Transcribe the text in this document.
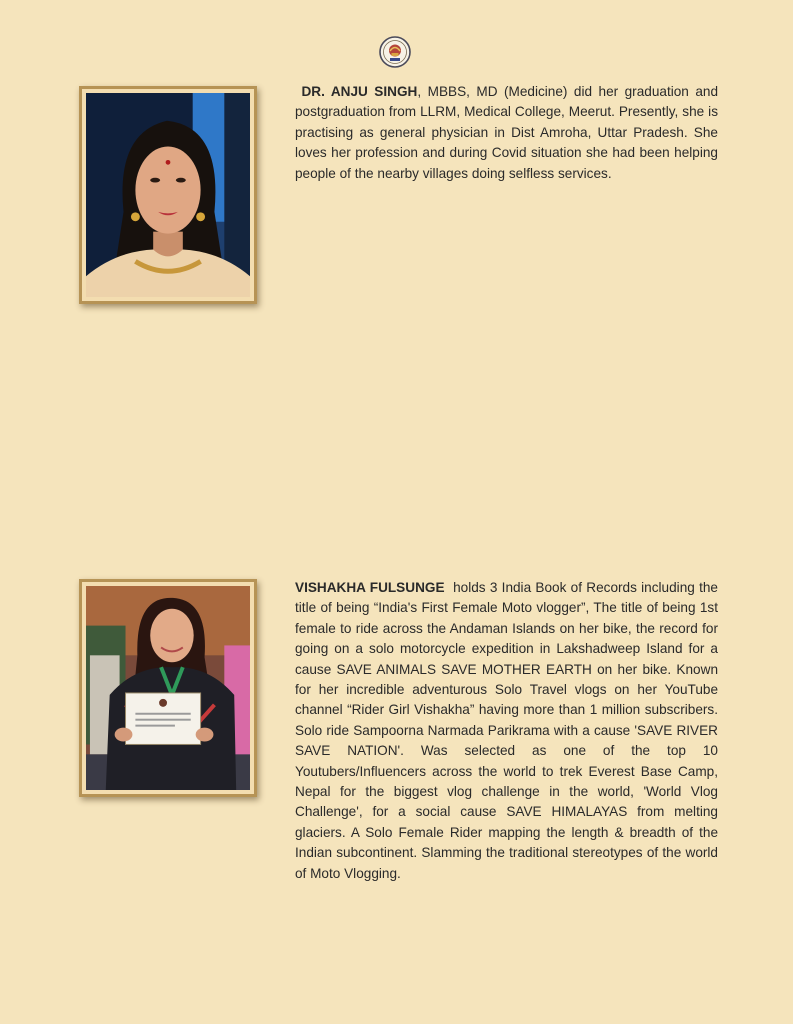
DR. ANJU SINGH, MBBS, MD (Medicine) did her graduation and postgraduation from LLRM, Medical College, Meerut. Presently, she is practising as general physician in Dist Amroha, Uttar Pradesh. She loves her profession and during Covid situation she had been helping people of the nearby villages doing selfless services.

VISHAKHA FULSUNGE  holds 3 India Book of Records including the title of being “India's First Female Moto vlogger”, The title of being 1st female to ride across the Andaman Islands on her bike, the record for going on a solo motorcycle expedition in Lakshadweep Island for a cause SAVE ANIMALS SAVE MOTHER EARTH on her bike. Known for her incredible adventurous Solo Travel vlogs on her YouTube channel “Rider Girl Vishakha” having more than 1 million subscribers. Solo ride Sampoorna Narmada Parikrama with a cause 'SAVE RIVER SAVE NATION'. Was selected as one of the top 10 Youtubers/Influencers across the world to trek Everest Base Camp, Nepal for the biggest vlog challenge in the world, 'World Vlog Challenge', for a social cause SAVE HIMALAYAS from melting glaciers. A Solo Female Rider mapping the length & breadth of the Indian subcontinent. Slamming the traditional stereotypes of the world of Moto Vlogging.
